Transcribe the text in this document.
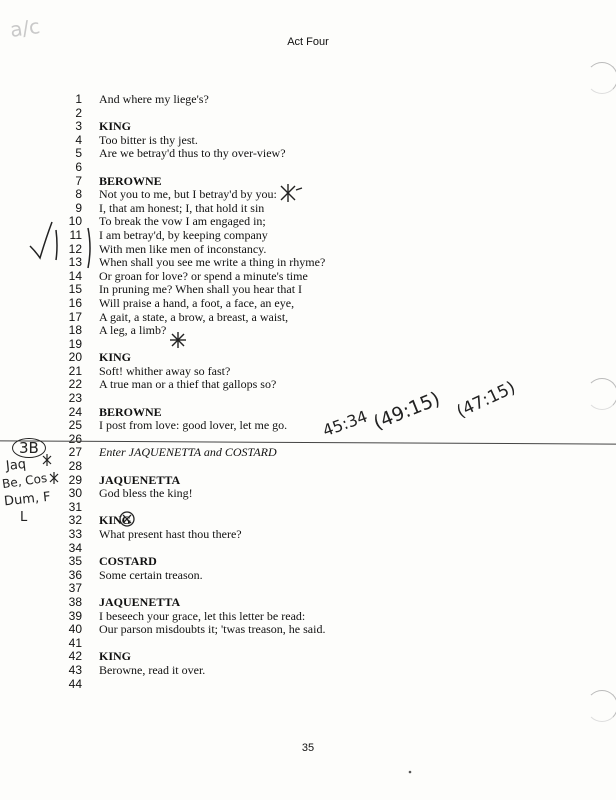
Act Four
a/c
1 And where my liege's?
2
3 KING
4 Too bitter is thy jest.
5 Are we betray'd thus to thy over-view?
6
7 BEROWNE
8 Not you to me, but I betray'd by you:
9 I, that am honest; I, that hold it sin
10 To break the vow I am engaged in;
11 I am betray'd, by keeping company
12 With men like men of inconstancy.
13 When shall you see me write a thing in rhyme?
14 Or groan for love? or spend a minute's time
15 In pruning me? When shall you hear that I
16 Will praise a hand, a foot, a face, an eye,
17 A gait, a state, a brow, a breast, a waist,
18 A leg, a limb?
19
20 KING
21 Soft! whither away so fast?
22 A true man or a thief that gallops so?
23
24 BEROWNE
25 I post from love: good lover, let me go.
26
27 Enter JAQUENETTA and COSTARD
28
29 JAQUENETTA
30 God bless the king!
31
32 KING
33 What present hast thou there?
34
35 COSTARD
36 Some certain treason.
37
38 JAQUENETTA
39 I beseech your grace, let this letter be read:
40 Our parson misdoubts it; 'twas treason, he said.
41
42 KING
43 Berowne, read it over.
44
45:34 (49:15) (47:15)
3B
Jaq
Be, Cos
Dum, F
L
35
